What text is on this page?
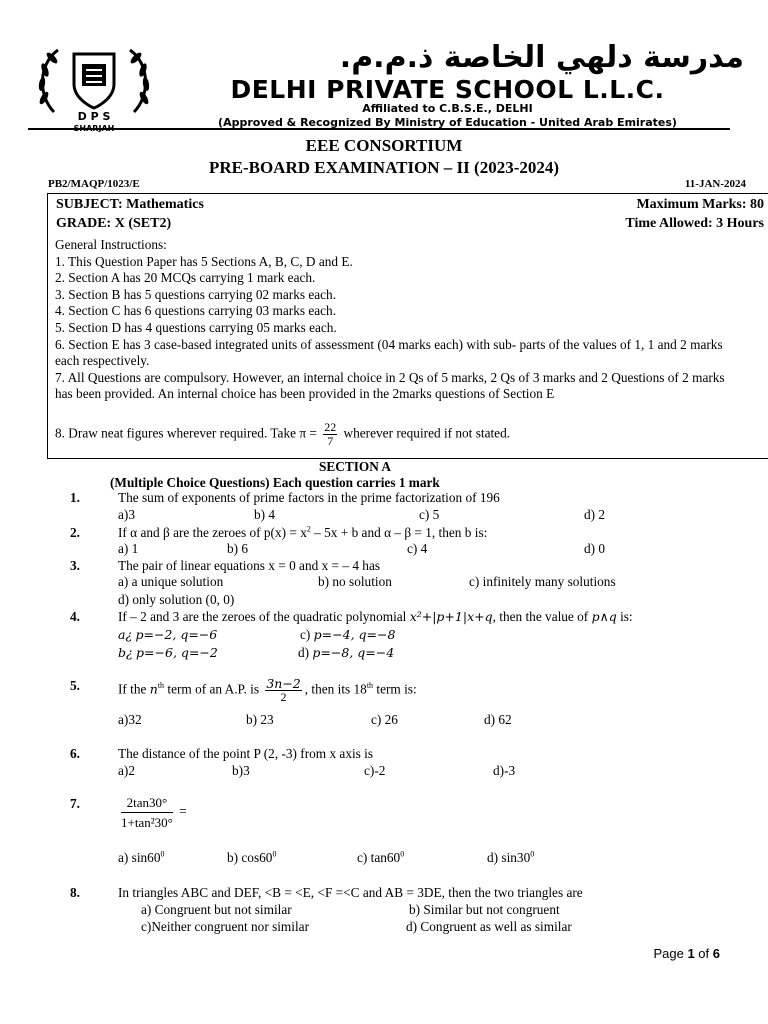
D P S
SHARJAH
مدرسة دلهي الخاصة ذ.م.م.
DELHI PRIVATE SCHOOL L.L.C.
Affiliated to C.B.S.E., DELHI
(Approved & Recognized By Ministry of Education - United Arab Emirates)
EEE CONSORTIUM
PRE-BOARD EXAMINATION – II (2023-2024)
PB2/MAQP/1023/E	11-JAN-2024
SUBJECT: Mathematics	Maximum Marks: 80
GRADE: X (SET2)	Time Allowed: 3 Hours

General Instructions:

1. This Question Paper has 5 Sections A, B, C, D and E.

2. Section A has 20 MCQs carrying 1 mark each.

3. Section B has 5 questions carrying 02 marks each.

4. Section C has 6 questions carrying 03 marks each.

5. Section D has 4 questions carrying 05 marks each.

6. Section E has 3 case-based integrated units of assessment (04 marks each) with sub- parts of the values of 1, 1 and 2 marks each respectively.

7. All Questions are compulsory. However, an internal choice in 2 Qs of 5 marks, 2 Qs of 3 marks and 2 Questions of 2 marks has been provided. An internal choice has been provided in the 2marks questions of Section E

8. Draw neat figures wherever required. Take $\pi = \frac{22}{7}$ wherever required if not stated.
SECTION A
(Multiple Choice Questions) Each question carries 1 mark
1.	The sum of exponents of prime factors in the prime factorization of 196
a)3	b) 4	c) 5	d) 2
2.	If α and β are the zeroes of $p(x) = x^2 - 5x + b$ and α – β = 1, then b is:
a) 1	b) 6	c) 4	d) 0
3.	The pair of linear equations x = 0 and x = – 4 has
a) a unique solution	b) no solution	c) infinitely many solutions
d) only solution (0, 0)
4.	If – 2 and 3 are the zeroes of the quadratic polynomial x²+|p+1|x+q, then the value of p∧q is:
a¿ p=−2, q=−6	c) p=−4, q=−8
b¿ p=−6, q=−2	d) p=−8, q=−4
5.	If the $n^{th}$ term of an A.P. is $\frac{3n-2}{2}$ , then its 18th term is:
a)32	b) 23	c) 26	d) 62
6.	The distance of the point P (2, -3) from x axis is
a)2	b)3	c)-2	d)-3
7.	$\frac{2\tan 30^\circ}{\text{1+tan²30°}}$ =
a) $\sin 60^0$	b) $\cos 60^0$	c) $\tan 60^0$	d) $\sin 30^0$
8.	In triangles ABC and DEF, <B = <E, <F =<C and AB = 3DE, then the two triangles are
a) Congruent but not similar	b) Similar but not congruent
c)Neither congruent nor similar	d) Congruent as well as similar
Page 1 of 6
